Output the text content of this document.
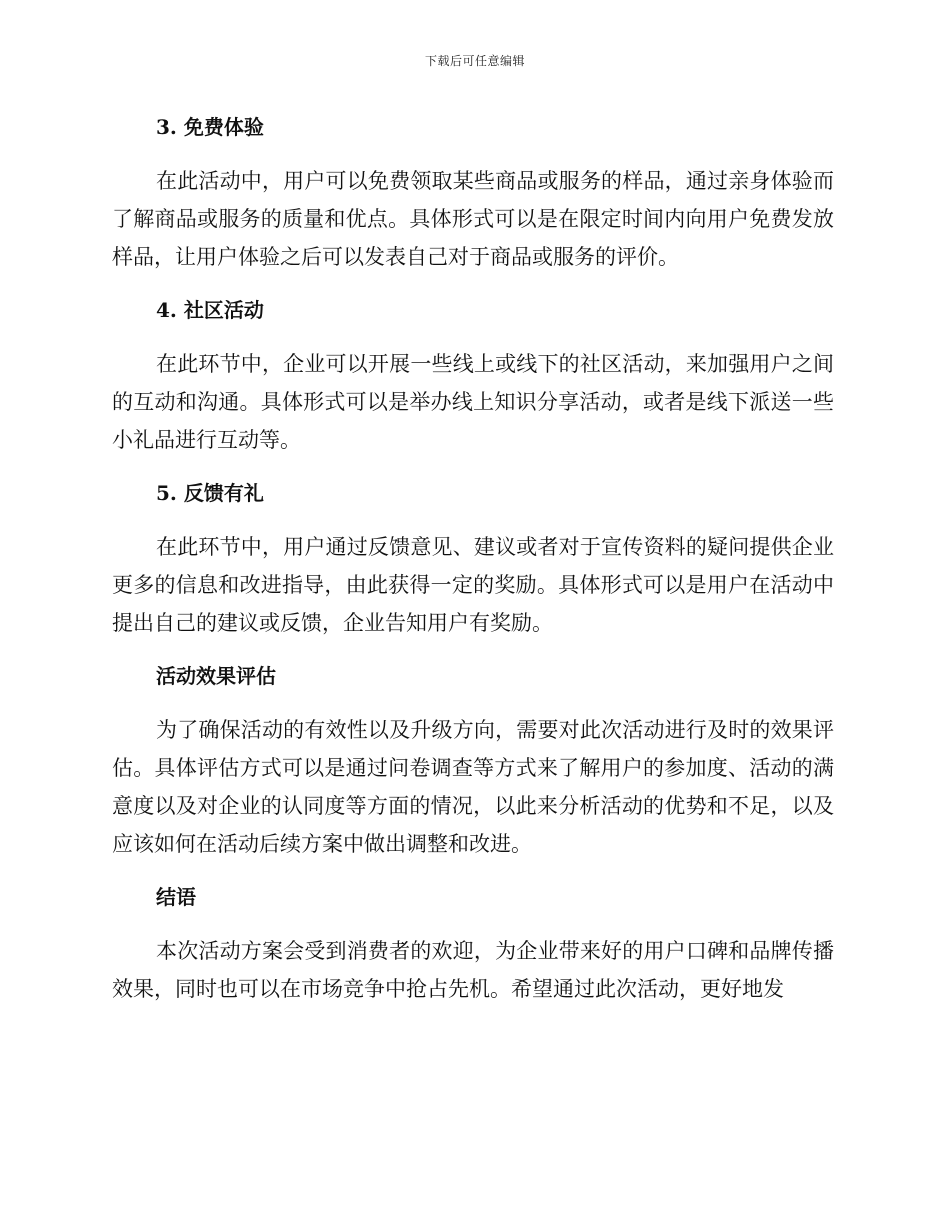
下载后可任意编辑
3. 免费体验

在此活动中，用户可以免费领取某些商品或服务的样品，通过亲身体验而了解商品或服务的质量和优点。具体形式可以是在限定时间内向用户免费发放样品，让用户体验之后可以发表自己对于商品或服务的评价。

4. 社区活动

在此环节中，企业可以开展一些线上或线下的社区活动，来加强用户之间的互动和沟通。具体形式可以是举办线上知识分享活动，或者是线下派送一些小礼品进行互动等。

5. 反馈有礼

在此环节中，用户通过反馈意见、建议或者对于宣传资料的疑问提供企业更多的信息和改进指导，由此获得一定的奖励。具体形式可以是用户在活动中提出自己的建议或反馈，企业告知用户有奖励。

活动效果评估

为了确保活动的有效性以及升级方向，需要对此次活动进行及时的效果评估。具体评估方式可以是通过问卷调查等方式来了解用户的参加度、活动的满意度以及对企业的认同度等方面的情况，以此来分析活动的优势和不足，以及应该如何在活动后续方案中做出调整和改进。

结语

本次活动方案会受到消费者的欢迎，为企业带来好的用户口碑和品牌传播效果，同时也可以在市场竞争中抢占先机。希望通过此次活动，更好地发
